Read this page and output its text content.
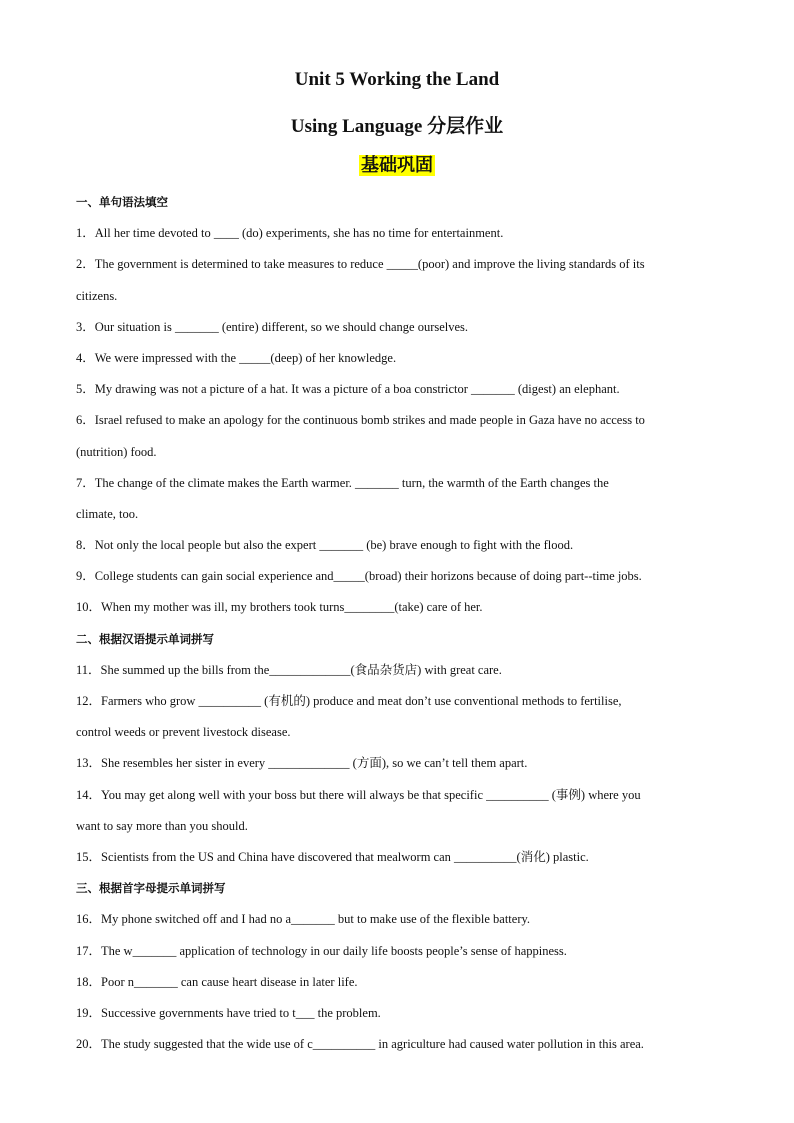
Unit 5 Working the Land
Using Language 分层作业
基础巩固
一、单句语法填空
1．All her time devoted to ____ (do) experiments, she has no time for entertainment.
2．The government is determined to take measures to reduce _____(poor) and improve the living standards of its
citizens.
3．Our situation is _______ (entire) different, so we should change ourselves.
4．We were impressed with the _____(deep) of her knowledge.
5．My drawing was not a picture of a hat. It was a picture of a boa constrictor _______ (digest) an elephant.
6．Israel refused to make an apology for the continuous bomb strikes and made people in Gaza have no access to
(nutrition) food.
7．The change of the climate makes the Earth warmer. _______ turn, the warmth of the Earth changes the
climate, too.
8．Not only the local people but also the expert _______ (be) brave enough to fight with the flood.
9．College students can gain social experience and_____(broad) their horizons because of doing part--time jobs.
10．When my mother was ill, my brothers took turns________(take) care of her.
二、根据汉语提示单词拼写
11．She summed up the bills from the_____________(食品杂货店) with great care.
12．Farmers who grow __________ (有机的) produce and meat don’t use conventional methods to fertilise,
control weeds or prevent livestock disease.
13．She resembles her sister in every _____________ (方面), so we can’t tell them apart.
14．You may get along well with your boss but there will always be that specific __________ (事例) where you
want to say more than you should.
15．Scientists from the US and China have discovered that mealworm can __________(消化) plastic.
三、根据首字母提示单词拼写
16．My phone switched off and I had no a_______ but to make use of the flexible battery.
17．The w_______ application of technology in our daily life boosts people’s sense of happiness.
18．Poor n_______ can cause heart disease in later life.
19．Successive governments have tried to t___ the problem.
20．The study suggested that the wide use of c__________ in agriculture had caused water pollution in this area.
